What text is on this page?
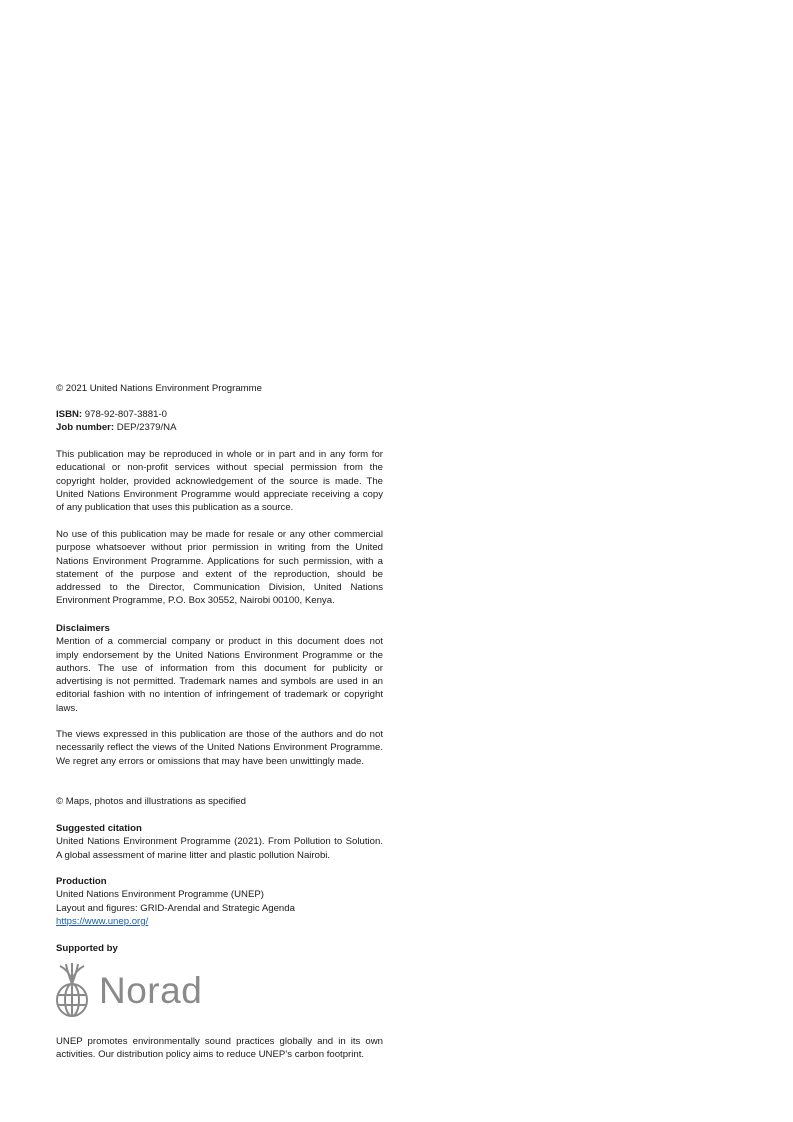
© 2021 United Nations Environment Programme
ISBN: 978-92-807-3881-0
Job number: DEP/2379/NA

This publication may be reproduced in whole or in part and in any form for educational or non-profit services without special permission from the copyright holder, provided acknowledgement of the source is made. The United Nations Environment Programme would appreciate receiving a copy of any publication that uses this publication as a source.

No use of this publication may be made for resale or any other commercial purpose whatsoever without prior permission in writing from the United Nations Environment Programme. Applications for such permission, with a statement of the purpose and extent of the reproduction, should be addressed to the Director, Communication Division, United Nations Environment Programme, P.O. Box 30552, Nairobi 00100, Kenya.

Disclaimers

Mention of a commercial company or product in this document does not imply endorsement by the United Nations Environment Programme or the authors. The use of information from this document for publicity or advertising is not permitted. Trademark names and symbols are used in an editorial fashion with no intention of infringement of trademark or copyright laws.

The views expressed in this publication are those of the authors and do not necessarily reflect the views of the United Nations Environment Programme. We regret any errors or omissions that may have been unwittingly made.

© Maps, photos and illustrations as specified
Suggested citation

United Nations Environment Programme (2021). From Pollution to Solution. A global assessment of marine litter and plastic pollution Nairobi.

Production
United Nations Environment Programme (UNEP)
Layout and figures: GRID-Arendal and Strategic Agenda
https://www.unep.org/
Supported by
Norad

UNEP promotes environmentally sound practices globally and in its own activities. Our distribution policy aims to reduce UNEP’s carbon footprint.
